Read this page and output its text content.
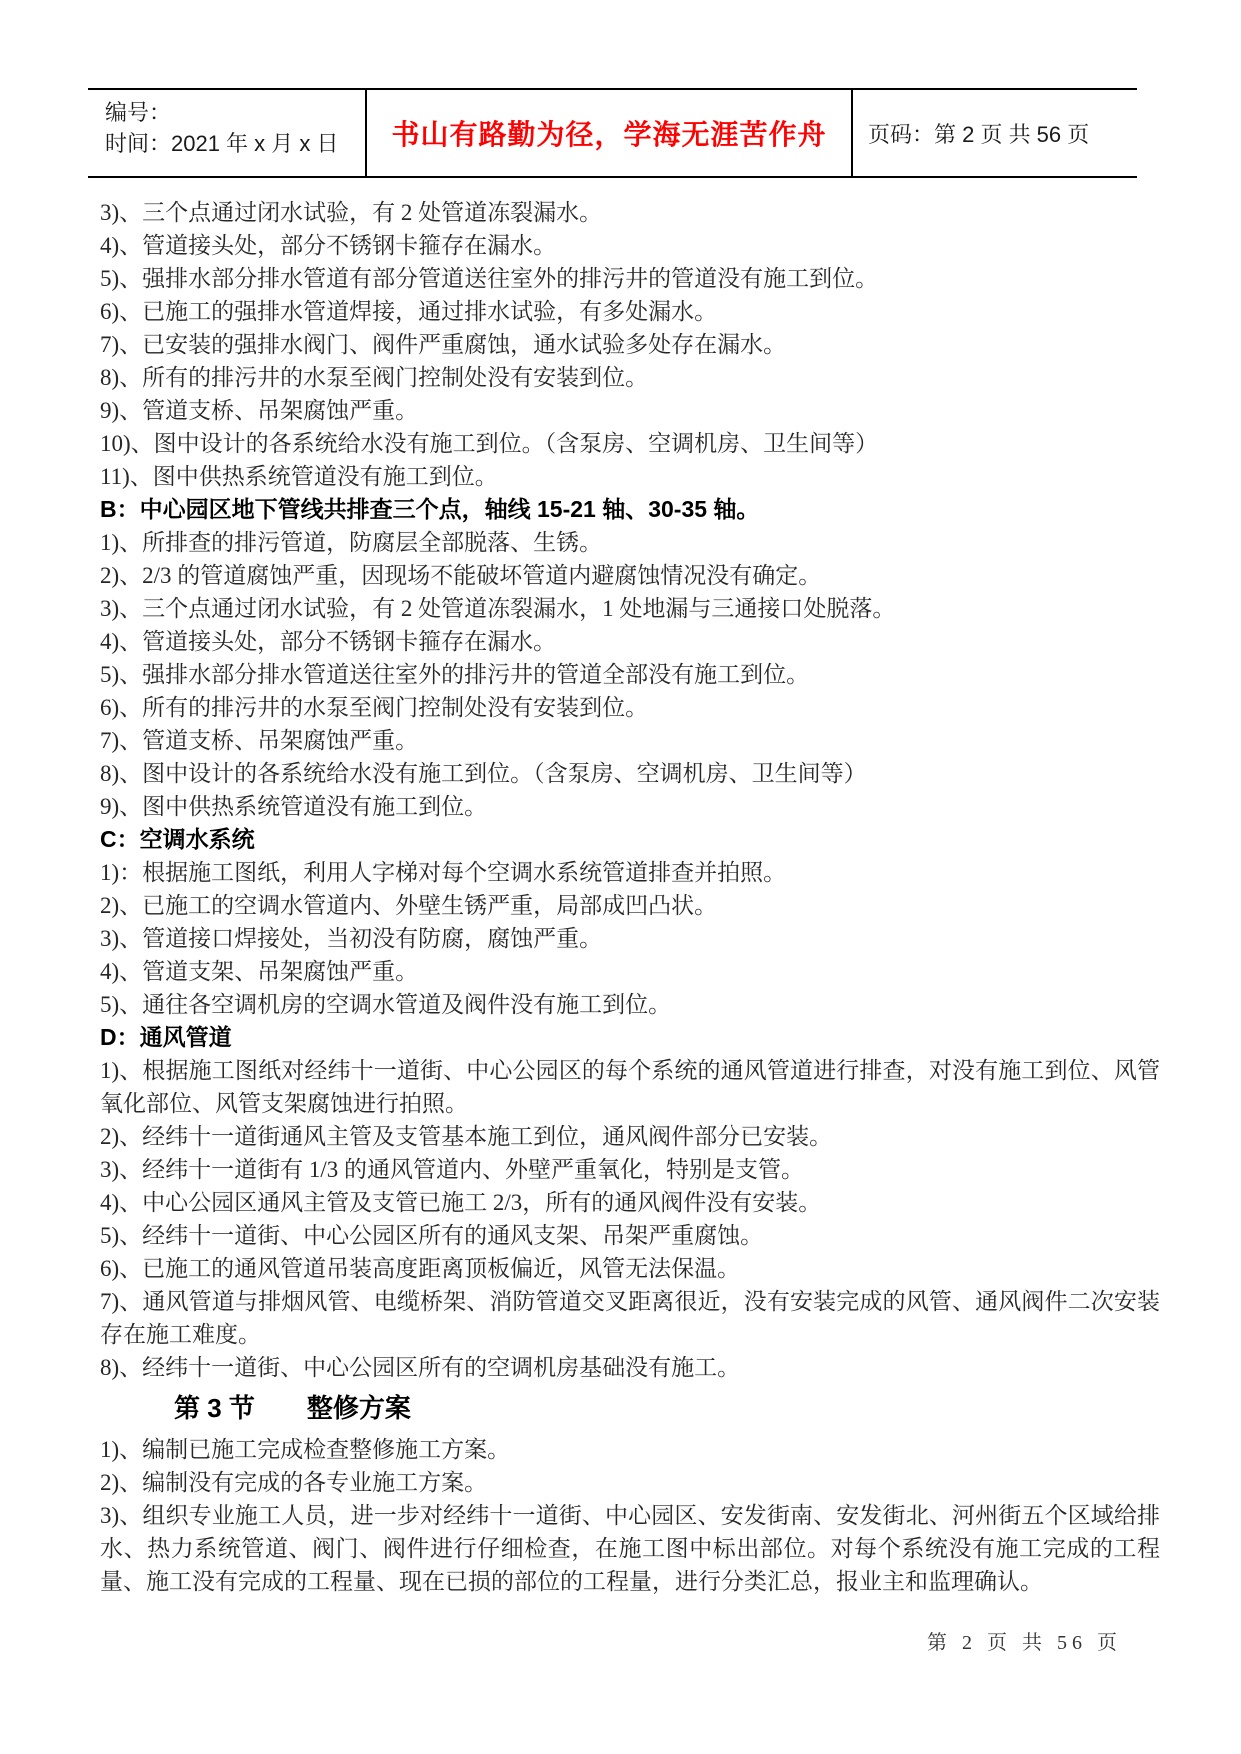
编号：
时间：2021 年 x 月 x 日	书山有路勤为径，学海无涯苦作舟 页码：第 2 页 共 56 页

3)、三个点通过闭水试验，有 2 处管道冻裂漏水。

4)、管道接头处，部分不锈钢卡箍存在漏水。

5)、强排水部分排水管道有部分管道送往室外的排污井的管道没有施工到位。

6)、已施工的强排水管道焊接，通过排水试验，有多处漏水。

7)、已安装的强排水阀门、阀件严重腐蚀，通水试验多处存在漏水。

8)、所有的排污井的水泵至阀门控制处没有安装到位。

9)、管道支桥、吊架腐蚀严重。

10)、图中设计的各系统给水没有施工到位。（含泵房、空调机房、卫生间等）

11)、图中供热系统管道没有施工到位。

B：中心园区地下管线共排查三个点，轴线 15-21 轴、30-35 轴。

1)、所排查的排污管道，防腐层全部脱落、生锈。

2)、2/3 的管道腐蚀严重，因现场不能破坏管道内避腐蚀情况没有确定。

3)、三个点通过闭水试验，有 2 处管道冻裂漏水，1 处地漏与三通接口处脱落。

4)、管道接头处，部分不锈钢卡箍存在漏水。

5)、强排水部分排水管道送往室外的排污井的管道全部没有施工到位。

6)、所有的排污井的水泵至阀门控制处没有安装到位。

7)、管道支桥、吊架腐蚀严重。

8)、图中设计的各系统给水没有施工到位。（含泵房、空调机房、卫生间等）

9)、图中供热系统管道没有施工到位。

C：空调水系统

1)：根据施工图纸，利用人字梯对每个空调水系统管道排查并拍照。

2)、已施工的空调水管道内、外壁生锈严重，局部成凹凸状。

3)、管道接口焊接处，当初没有防腐，腐蚀严重。

4)、管道支架、吊架腐蚀严重。

5)、通往各空调机房的空调水管道及阀件没有施工到位。

D：通风管道

1)、根据施工图纸对经纬十一道街、中心公园区的每个系统的通风管道进行排查，对没有施工到位、风管氧化部位、风管支架腐蚀进行拍照。

2)、经纬十一道街通风主管及支管基本施工到位，通风阀件部分已安装。

3)、经纬十一道街有 1/3 的通风管道内、外壁严重氧化，特别是支管。

4)、中心公园区通风主管及支管已施工 2/3，所有的通风阀件没有安装。

5)、经纬十一道街、中心公园区所有的通风支架、吊架严重腐蚀。

6)、已施工的通风管道吊装高度距离顶板偏近，风管无法保温。

7)、通风管道与排烟风管、电缆桥架、消防管道交叉距离很近，没有安装完成的风管、通风阀件二次安装存在施工难度。

8)、经纬十一道街、中心公园区所有的空调机房基础没有施工。

第 3 节　　整修方案

1)、编制已施工完成检查整修施工方案。

2)、编制没有完成的各专业施工方案。

3)、组织专业施工人员，进一步对经纬十一道街、中心园区、安发街南、安发街北、河州街五个区域给排水、热力系统管道、阀门、阀件进行仔细检查，在施工图中标出部位。对每个系统没有施工完成的工程量、施工没有完成的工程量、现在已损的部位的工程量，进行分类汇总，报业主和监理确认。

第 2 页 共 56 页
